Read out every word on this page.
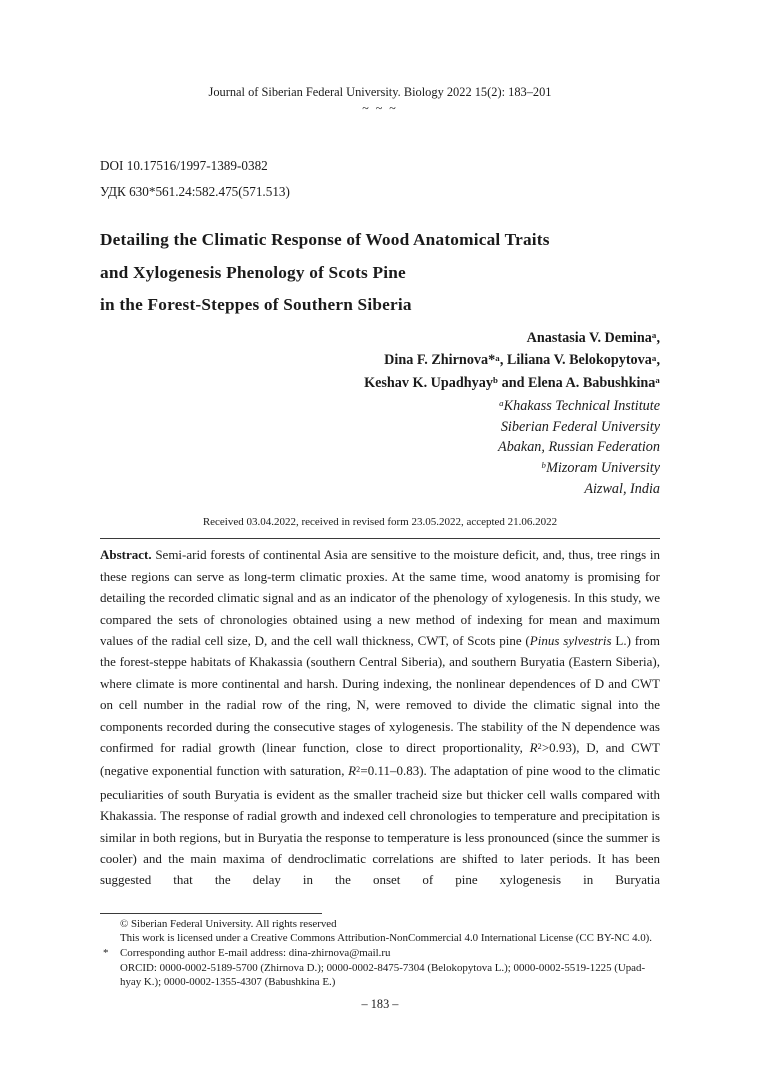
Journal of Siberian Federal University. Biology 2022 15(2): 183–201
~ ~ ~
DOI 10.17516/1997-1389-0382
УДК 630*561.24:582.475(571.513)
Detailing the Climatic Response of Wood Anatomical Traits
and Xylogenesis Phenology of Scots Pine
in the Forest-Steppes of Southern Siberia
Anastasia V. Demina$^a$,
Dina F. Zhirnova*$^a$, Liliana V. Belokopytova$^a$,
Keshav K. Upadhyay$^b$ and Elena A. Babushkina$^a$
$^a$Khakass Technical Institute
Siberian Federal University
Abakan, Russian Federation
$^b$Mizoram University
Aizwal, India
Received 03.04.2022, received in revised form 23.05.2022, accepted 21.06.2022

Abstract. Semi-arid forests of continental Asia are sensitive to the moisture deficit, and, thus, tree rings in these regions can serve as long-term climatic proxies. At the same time, wood anatomy is promising for detailing the recorded climatic signal and as an indicator of the phenology of xylogenesis. In this study, we compared the sets of chronologies obtained using a new method of indexing for mean and maximum values of the radial cell size, D, and the cell wall thickness, CWT, of Scots pine (Pinus sylvestris L.) from the forest-steppe habitats of Khakassia (southern Central Siberia), and southern Buryatia (Eastern Siberia), where climate is more continental and harsh. During indexing, the nonlinear dependences of D and CWT on cell number in the radial row of the ring, N, were removed to divide the climatic signal into the components recorded during the consecutive stages of xylogenesis. The stability of the N dependence was confirmed for radial growth (linear function, close to direct proportionality, $R^2>0.93$), D, and CWT (negative exponential function with saturation, $R^2=0.11-0.83$). The adaptation of pine wood to the climatic peculiarities of south Buryatia is evident as the smaller tracheid size but thicker cell walls compared with Khakassia. The response of radial growth and indexed cell chronologies to temperature and precipitation is similar in both regions, but in Buryatia the response to temperature is less pronounced (since the summer is cooler) and the main maxima of dendroclimatic correlations are shifted to later periods. It has been suggested that the delay in the onset of pine xylogenesis in Buryatia

© Siberian Federal University. All rights reserved
This work is licensed under a Creative Commons Attribution-NonCommercial 4.0 International License (CC BY-NC 4.0).
* Corresponding author E-mail address: dina-zhirnova@mail.ru
ORCID: 0000-0002-5189-5700 (Zhirnova D.); 0000-0002-8475-7304 (Belokopytova L.); 0000-0002-5519-1225 (Upad-
hyay K.); 0000-0002-1355-4307 (Babushkina E.)
– 183 –
